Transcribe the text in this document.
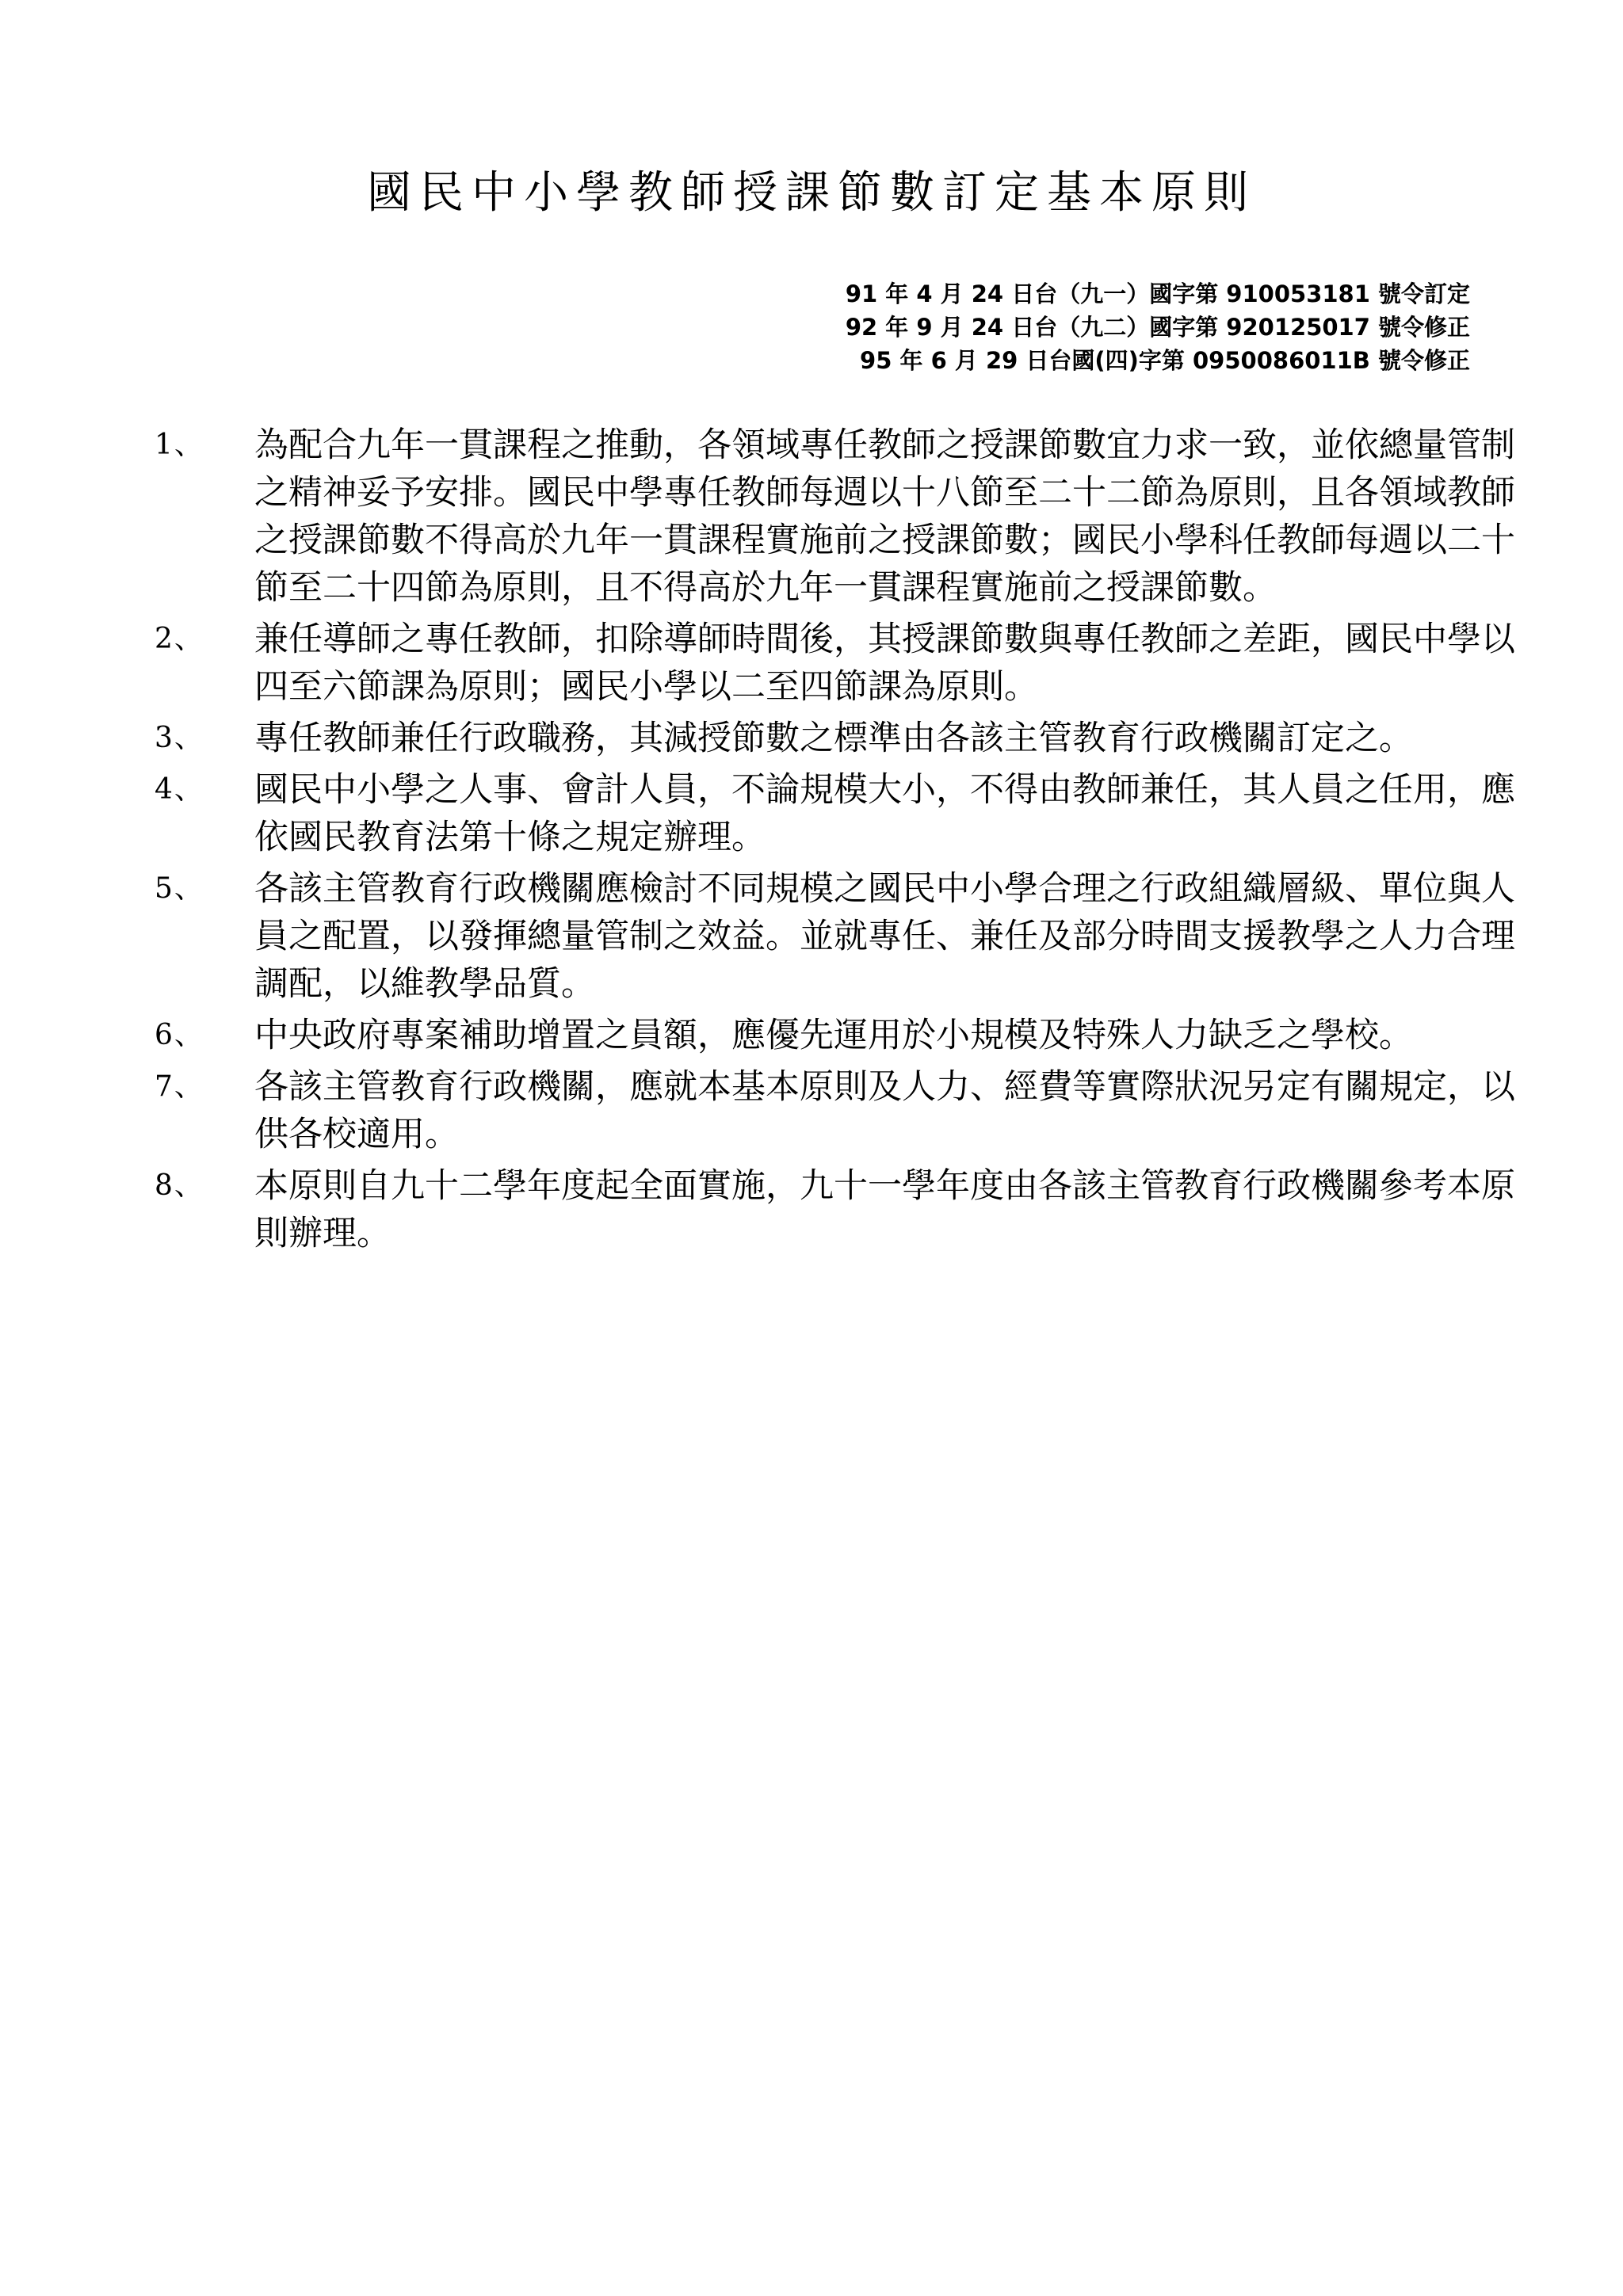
國民中小學教師授課節數訂定基本原則
91 年 4 月 24 日台（九一）國字第 910053181 號令訂定
92 年 9 月 24 日台（九二）國字第 920125017 號令修正
95 年 6 月 29 日台國(四)字第 0950086011B 號令修正
1、 為配合九年一貫課程之推動，各領域專任教師之授課節數宜力求一致，並依總量管制之精神妥予安排。國民中學專任教師每週以十八節至二十二節為原則，且各領域教師之授課節數不得高於九年一貫課程實施前之授課節數；國民小學科任教師每週以二十節至二十四節為原則，且不得高於九年一貫課程實施前之授課節數。
2、 兼任導師之專任教師，扣除導師時間後，其授課節數與專任教師之差距，國民中學以四至六節課為原則；國民小學以二至四節課為原則。
3、 專任教師兼任行政職務，其減授節數之標準由各該主管教育行政機關訂定之。
4、 國民中小學之人事、會計人員，不論規模大小，不得由教師兼任，其人員之任用，應依國民教育法第十條之規定辦理。
5、 各該主管教育行政機關應檢討不同規模之國民中小學合理之行政組織層級、單位與人員之配置，以發揮總量管制之效益。並就專任、兼任及部分時間支援教學之人力合理調配，以維教學品質。
6、 中央政府專案補助增置之員額，應優先運用於小規模及特殊人力缺乏之學校。
7、 各該主管教育行政機關，應就本基本原則及人力、經費等實際狀況另定有關規定，以供各校適用。
8、 本原則自九十二學年度起全面實施，九十一學年度由各該主管教育行政機關參考本原則辦理。
